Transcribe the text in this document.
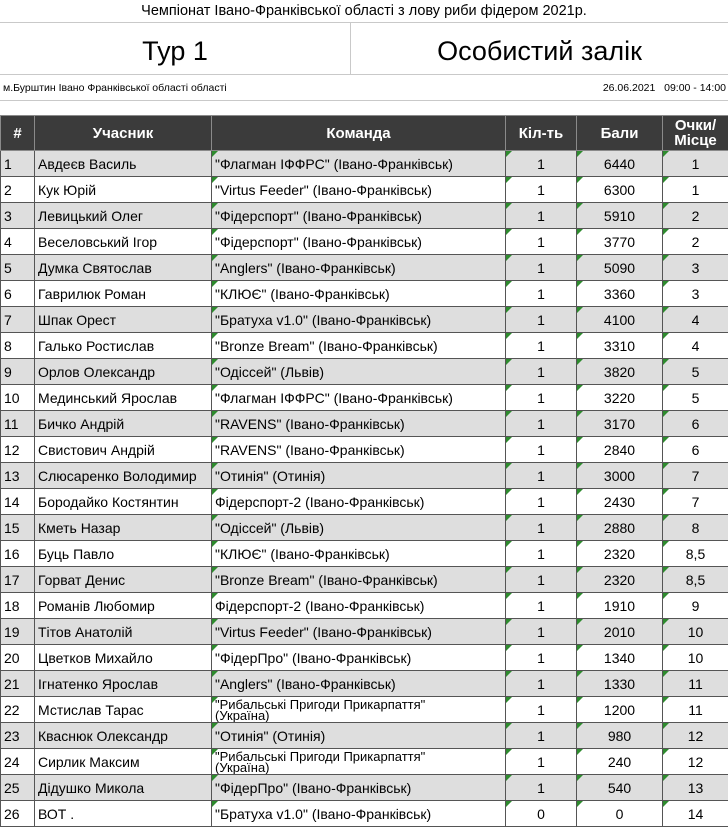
Чемпіонат Івано-Франківської області з лову риби фідером 2021р.
Тур 1	Особистий залік
м.Бурштин Івано Франківської області області	26.06.2021   09:00 - 14:00
#	Учасник	Команда	Кіл-ть	Бали	Очки/
Місце

1	Авдеєв Василь	"Флагман ІФФРС" (Івано-Франківськ)	1	6440	1
2	Кук Юрій	"Virtus Feeder" (Івано-Франківськ)	1	6300	1
3	Левицький Олег	"Фідерспорт" (Івано-Франківськ)	1	5910	2
4	Веселовський Ігор	"Фідерспорт" (Івано-Франківськ)	1	3770	2
5	Думка Святослав	"Anglers" (Івано-Франківськ)	1	5090	3
6	Гаврилюк Роман	"КЛЮЄ" (Івано-Франківськ)	1	3360	3
7	Шпак Орест	"Братуха v1.0" (Івано-Франківськ)	1	4100	4
8	Галько Ростислав	"Bronze Bream" (Івано-Франківськ)	1	3310	4
9	Орлов Олександр	"Одіссей" (Львів)	1	3820	5
10	Мединський Ярослав	"Флагман ІФФРС" (Івано-Франківськ)	1	3220	5
11	Бичко Андрій	"RAVENS" (Івано-Франківськ)	1	3170	6
12	Свистович Андрій	"RAVENS" (Івано-Франківськ)	1	2840	6
13	Слюсаренко Володимир	"Отинія" (Отинія)	1	3000	7
14	Бородайко Костянтин	Фідерспорт-2 (Івано-Франківськ)	1	2430	7
15	Кметь Назар	"Одіссей" (Львів)	1	2880	8
16	Буць Павло	"КЛЮЄ" (Івано-Франківськ)	1	2320	8,5
17	Горват Денис	"Bronze Bream" (Івано-Франківськ)	1	2320	8,5
18	Романів Любомир	Фідерспорт-2 (Івано-Франківськ)	1	1910	9
19	Тітов Анатолій	"Virtus Feeder" (Івано-Франківськ)	1	2010	10
20	Цветков Михайло	"ФідерПро" (Івано-Франківськ)	1	1340	10
21	Ігнатенко Ярослав	"Anglers" (Івано-Франківськ)	1	1330	11
22	Мстислав Тарас	"Рибальські Пригоди Прикарпаття"
(Україна)	1	1200	11
23	Кваснюк Олександр	"Отинія" (Отинія)	1	980	12
24	Сирлик Максим	"Рибальські Пригоди Прикарпаття"
(Україна)	1	240	12
25	Дідушко Микола	"ФідерПро" (Івано-Франківськ)	1	540	13
26	ВОТ .	"Братуха v1.0" (Івано-Франківськ)	0	0	14
